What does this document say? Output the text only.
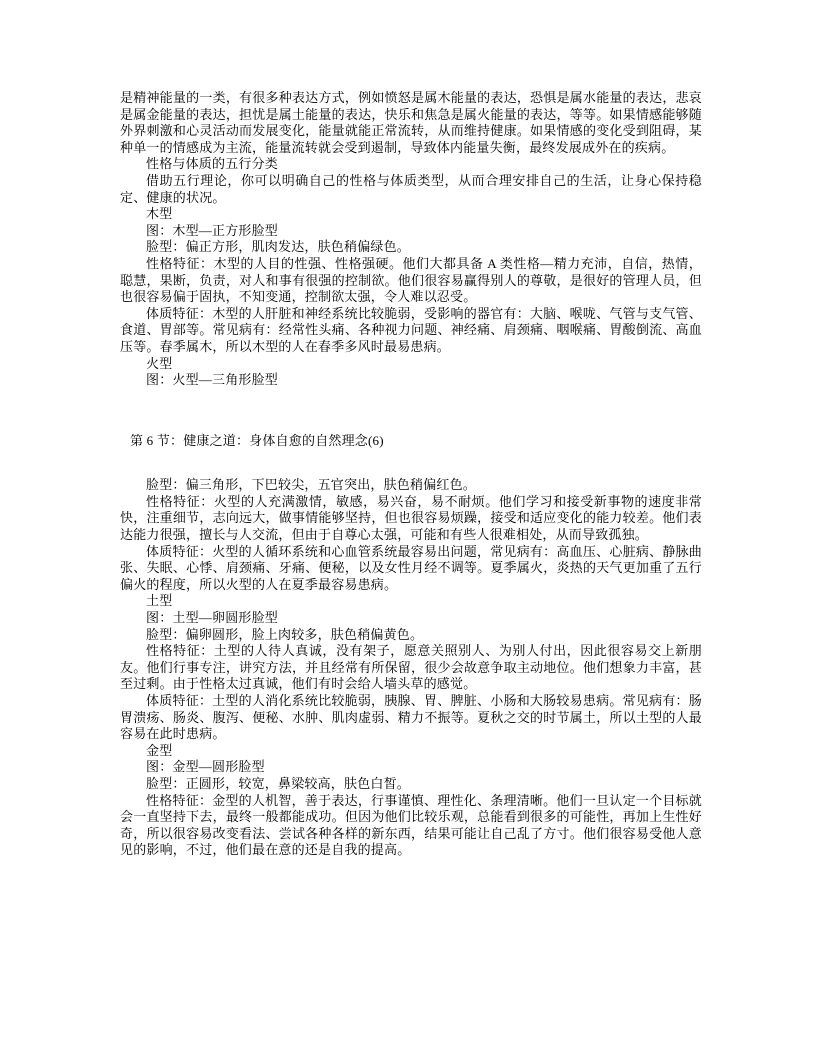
是精神能量的一类，有很多种表达方式，例如愤怒是属木能量的表达，恐惧是属水能量的表达，悲哀是属金能量的表达，担忧是属土能量的表达，快乐和焦急是属火能量的表达，等等。如果情感能够随外界刺激和心灵活动而发展变化，能量就能正常流转，从而维持健康。如果情感的变化受到阻碍，某种单一的情感成为主流，能量流转就会受到遏制，导致体内能量失衡，最终发展成外在的疾病。

性格与体质的五行分类

借助五行理论，你可以明确自己的性格与体质类型，从而合理安排自己的生活，让身心保持稳定、健康的状况。

木型

图：木型—正方形脸型

脸型：偏正方形，肌肉发达，肤色稍偏绿色。

性格特征：木型的人目的性强、性格强硬。他们大都具备 A 类性格—精力充沛，自信，热情，聪慧，果断，负责，对人和事有很强的控制欲。他们很容易赢得别人的尊敬，是很好的管理人员，但也很容易偏于固执，不知变通，控制欲太强，令人难以忍受。

体质特征：木型的人肝脏和神经系统比较脆弱，受影响的器官有：大脑、喉咙、气管与支气管、食道、胃部等。常见病有：经常性头痛、各种视力问题、神经痛、肩颈痛、咽喉痛、胃酸倒流、高血压等。春季属木，所以木型的人在春季多风时最易患病。

火型

图：火型—三角形脸型

第 6 节：健康之道：身体自愈的自然理念(6)

脸型：偏三角形，下巴较尖，五官突出，肤色稍偏红色。

性格特征：火型的人充满激情，敏感，易兴奋，易不耐烦。他们学习和接受新事物的速度非常快，注重细节，志向远大，做事情能够坚持，但也很容易烦躁，接受和适应变化的能力较差。他们表达能力很强，擅长与人交流，但由于自尊心太强，可能和有些人很难相处，从而导致孤独。

体质特征：火型的人循环系统和心血管系统最容易出问题，常见病有：高血压、心脏病、静脉曲张、失眠、心悸、肩颈痛、牙痛、便秘，以及女性月经不调等。夏季属火，炎热的天气更加重了五行偏火的程度，所以火型的人在夏季最容易患病。

土型

图：土型—卵圆形脸型

脸型：偏卵圆形，脸上肉较多，肤色稍偏黄色。

性格特征：土型的人待人真诚，没有架子，愿意关照别人、为别人付出，因此很容易交上新朋友。他们行事专注，讲究方法，并且经常有所保留，很少会故意争取主动地位。他们想象力丰富，甚至过剩。由于性格太过真诚，他们有时会给人墙头草的感觉。

体质特征：土型的人消化系统比较脆弱，胰腺、胃、脾脏、小肠和大肠较易患病。常见病有：肠胃溃疡、肠炎、腹泻、便秘、水肿、肌肉虚弱、精力不振等。夏秋之交的时节属土，所以土型的人最容易在此时患病。

金型

图：金型—圆形脸型

脸型：正圆形，较宽，鼻梁较高，肤色白皙。

性格特征：金型的人机智，善于表达，行事谨慎、理性化、条理清晰。他们一旦认定一个目标就会一直坚持下去，最终一般都能成功。但因为他们比较乐观，总能看到很多的可能性，再加上生性好奇，所以很容易改变看法、尝试各种各样的新东西，结果可能让自己乱了方寸。他们很容易受他人意见的影响，不过，他们最在意的还是自我的提高。
